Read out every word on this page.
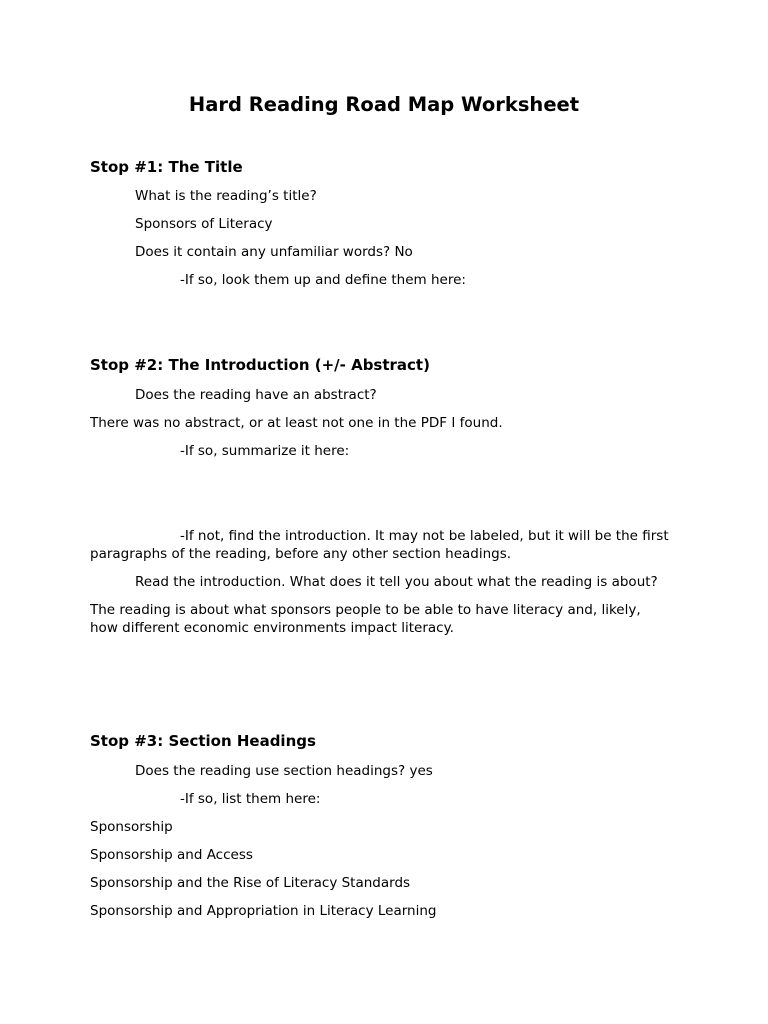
Hard Reading Road Map Worksheet
Stop #1: The Title
What is the reading’s title?
Sponsors of Literacy
Does it contain any unfamiliar words? No
-If so, look them up and define them here:
Stop #2: The Introduction (+/- Abstract)
Does the reading have an abstract?
There was no abstract, or at least not one in the PDF I found.
-If so, summarize it here:
-If not, find the introduction. It may not be labeled, but it will be the first paragraphs of the reading, before any other section headings.
Read the introduction. What does it tell you about what the reading is about?
The reading is about what sponsors people to be able to have literacy and, likely, how different economic environments impact literacy.
Stop #3: Section Headings
Does the reading use section headings? yes
-If so, list them here:
Sponsorship
Sponsorship and Access
Sponsorship and the Rise of Literacy Standards
Sponsorship and Appropriation in Literacy Learning
